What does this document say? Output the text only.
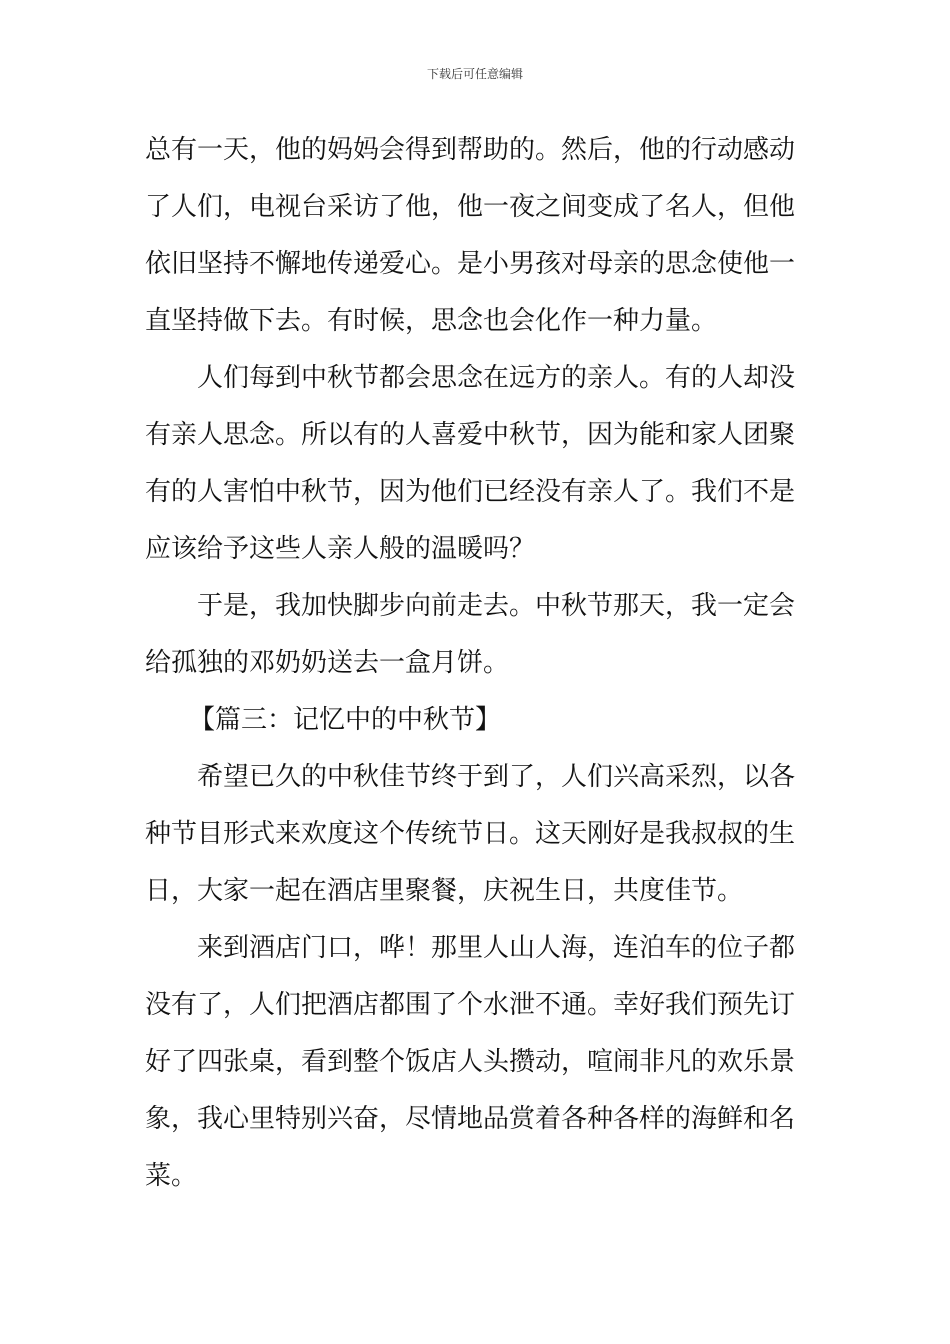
下载后可任意编辑
总有一天，他的妈妈会得到帮助的。然后，他的行动感动
了人们，电视台采访了他，他一夜之间变成了名人，但他
依旧坚持不懈地传递爱心。是小男孩对母亲的思念使他一
直坚持做下去。有时候，思念也会化作一种力量。
人们每到中秋节都会思念在远方的亲人。有的人却没
有亲人思念。所以有的人喜爱中秋节，因为能和家人团聚
有的人害怕中秋节，因为他们已经没有亲人了。我们不是
应该给予这些人亲人般的温暖吗？
于是，我加快脚步向前走去。中秋节那天，我一定会
给孤独的邓奶奶送去一盒月饼。
【篇三：记忆中的中秋节】
希望已久的中秋佳节终于到了，人们兴高采烈，以各
种节目形式来欢度这个传统节日。这天刚好是我叔叔的生
日，大家一起在酒店里聚餐，庆祝生日，共度佳节。
来到酒店门口，哗！那里人山人海，连泊车的位子都
没有了，人们把酒店都围了个水泄不通。幸好我们预先订
好了四张桌，看到整个饭店人头攒动，喧闹非凡的欢乐景
象，我心里特别兴奋，尽情地品赏着各种各样的海鲜和名
菜。
